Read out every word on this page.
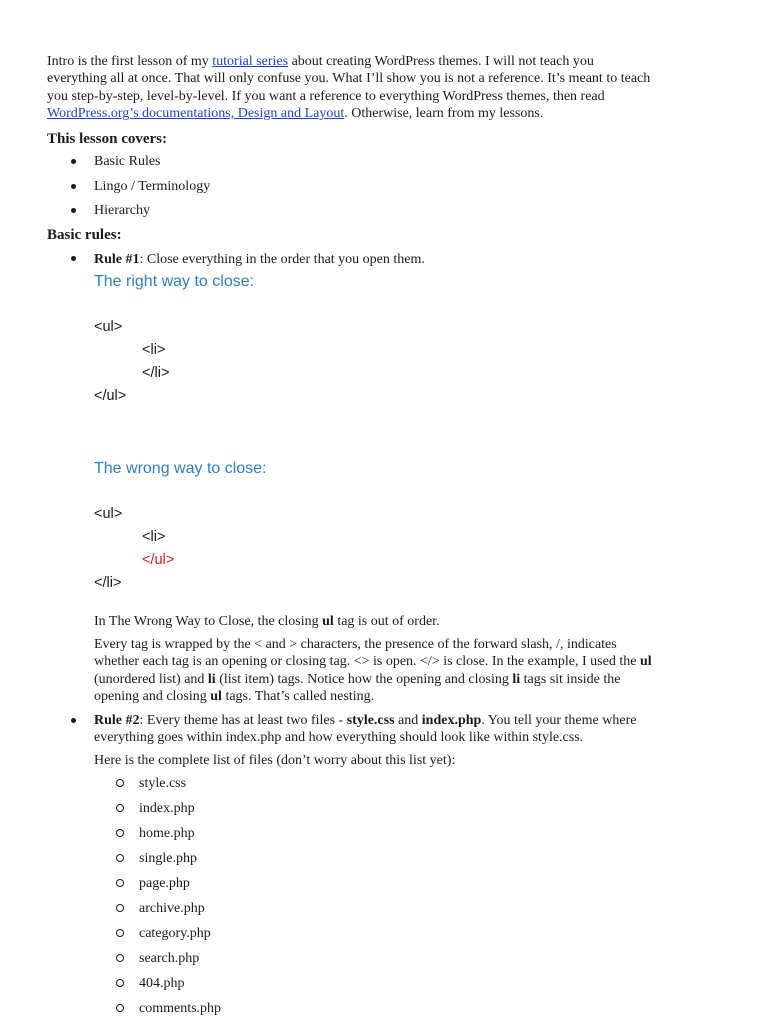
Intro is the first lesson of my tutorial series about creating WordPress themes. I will not teach you
everything all at once. That will only confuse you. What I’ll show you is not a reference. It’s meant to teach
you step-by-step, level-by-level. If you want a reference to everything WordPress themes, then read
WordPress.org’s documentations, Design and Layout. Otherwise, learn from my lessons.
This lesson covers:
Basic Rules
Lingo / Terminology
Hierarchy
Basic rules:
Rule #1: Close everything in the order that you open them.
The right way to close:
<ul>
<li>
</li>
</ul>
The wrong way to close:
<ul>
<li>
</ul>
</li>
In The Wrong Way to Close, the closing ul tag is out of order.
Every tag is wrapped by the < and > characters, the presence of the forward slash, /, indicates
whether each tag is an opening or closing tag. <> is open. </> is close. In the example, I used the ul
(unordered list) and li (list item) tags. Notice how the opening and closing li tags sit inside the
opening and closing ul tags. That’s called nesting.
Rule #2: Every theme has at least two files - style.css and index.php. You tell your theme where
everything goes within index.php and how everything should look like within style.css.
Here is the complete list of files (don’t worry about this list yet):
style.css
index.php
home.php
single.php
page.php
archive.php
category.php
search.php
404.php
comments.php
